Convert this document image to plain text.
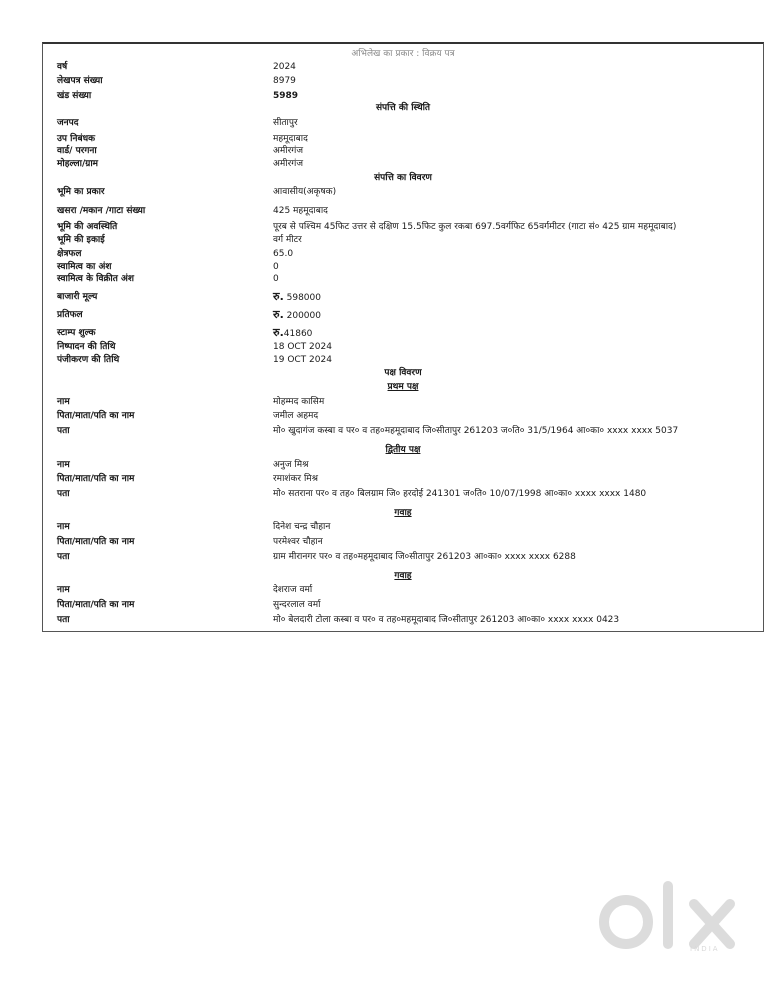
अभिलेख का प्रकार : विक्रय पत्र
वर्ष	2024
लेखपत्र संख्या	8979
खंड संख्या	5989
संपत्ति की स्थिति
जनपद	सीतापुर
उप निबंधक	महमूदाबाद
वार्ड/ परगना	अमीरगंज
मोहल्ला/ग्राम	अमीरगंज
संपत्ति का विवरण
भूमि का प्रकार	आवासीय(अकृषक)
खसरा /मकान /गाटा संख्या	425 महमूदाबाद
भूमि की अवस्थिति	पूरब से पश्चिम 45फिट उत्तर से दक्षिण 15.5फिट कुल रकबा 697.5वर्गफिट 65वर्गमीटर (गाटा सं० 425 ग्राम महमूदाबाद)
भूमि की इकाई	वर्ग मीटर
क्षेत्रफल	65.0
स्वामित्व का अंश	0
स्वामित्व के विक्रीत अंश	0
बाजारी मूल्य	रु. 598000
प्रतिफल	रु. 200000
स्टाम्प शुल्क	रु.41860
निष्पादन की तिथि	18 OCT 2024
पंजीकरण की तिथि	19 OCT 2024
पक्ष विवरण
प्रथम पक्ष
नाम	मोहम्मद कासिम
पिता/माता/पति का नाम	जमील अहमद
पता	मो० खुदागंज कस्बा व पर० व तह०महमूदाबाद जि०सीतापुर 261203 ज०ति० 31/5/1964 आ०का० xxxx xxxx 5037
द्वितीय पक्ष
नाम	अनुज मिश्र
पिता/माता/पति का नाम	रमाशंकर मिश्र
पता	मो० सतराना पर० व तह० बिलग्राम जि० हरदोई 241301 ज०ति० 10/07/1998 आ०का० xxxx xxxx 1480
गवाह
नाम	दिनेश चन्द्र चौहान
पिता/माता/पति का नाम	परमेश्वर चौहान
पता	ग्राम मीरानगर पर० व तह०महमूदाबाद जि०सीतापुर 261203 आ०का० xxxx xxxx 6288
गवाह
नाम	देशराज वर्मा
पिता/माता/पति का नाम	सुन्दरलाल वर्मा
पता	मो० बेलदारी टोला कस्बा व पर० व तह०महमूदाबाद जि०सीतापुर 261203 आ०का० xxxx xxxx 0423
INDIA
